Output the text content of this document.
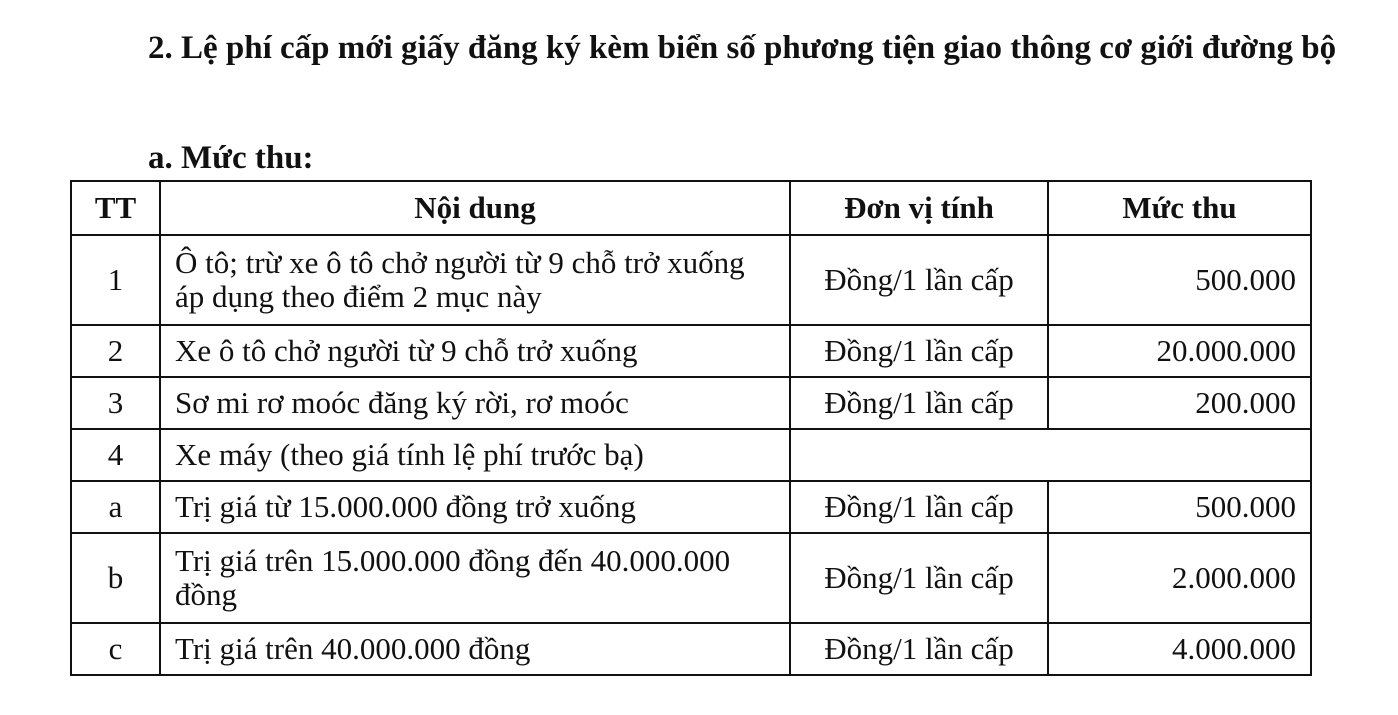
2. Lệ phí cấp mới giấy đăng ký kèm biển số phương tiện giao thông cơ giới đường bộ

a. Mức thu:

TT	Nội dung	Đơn vị tính	Mức thu
1	Ô tô; trừ xe ô tô chở người từ 9 chỗ trở xuống áp dụng theo điểm 2 mục này	Đồng/1 lần cấp	500.000
2	Xe ô tô chở người từ 9 chỗ trở xuống	Đồng/1 lần cấp	20.000.000
3	Sơ mi rơ moóc đăng ký rời, rơ moóc	Đồng/1 lần cấp	200.000
4	Xe máy (theo giá tính lệ phí trước bạ)		
a	Trị giá từ 15.000.000 đồng trở xuống	Đồng/1 lần cấp	500.000
b	Trị giá trên 15.000.000 đồng đến 40.000.000 đồng	Đồng/1 lần cấp	2.000.000
c	Trị giá trên 40.000.000 đồng	Đồng/1 lần cấp	4.000.000
